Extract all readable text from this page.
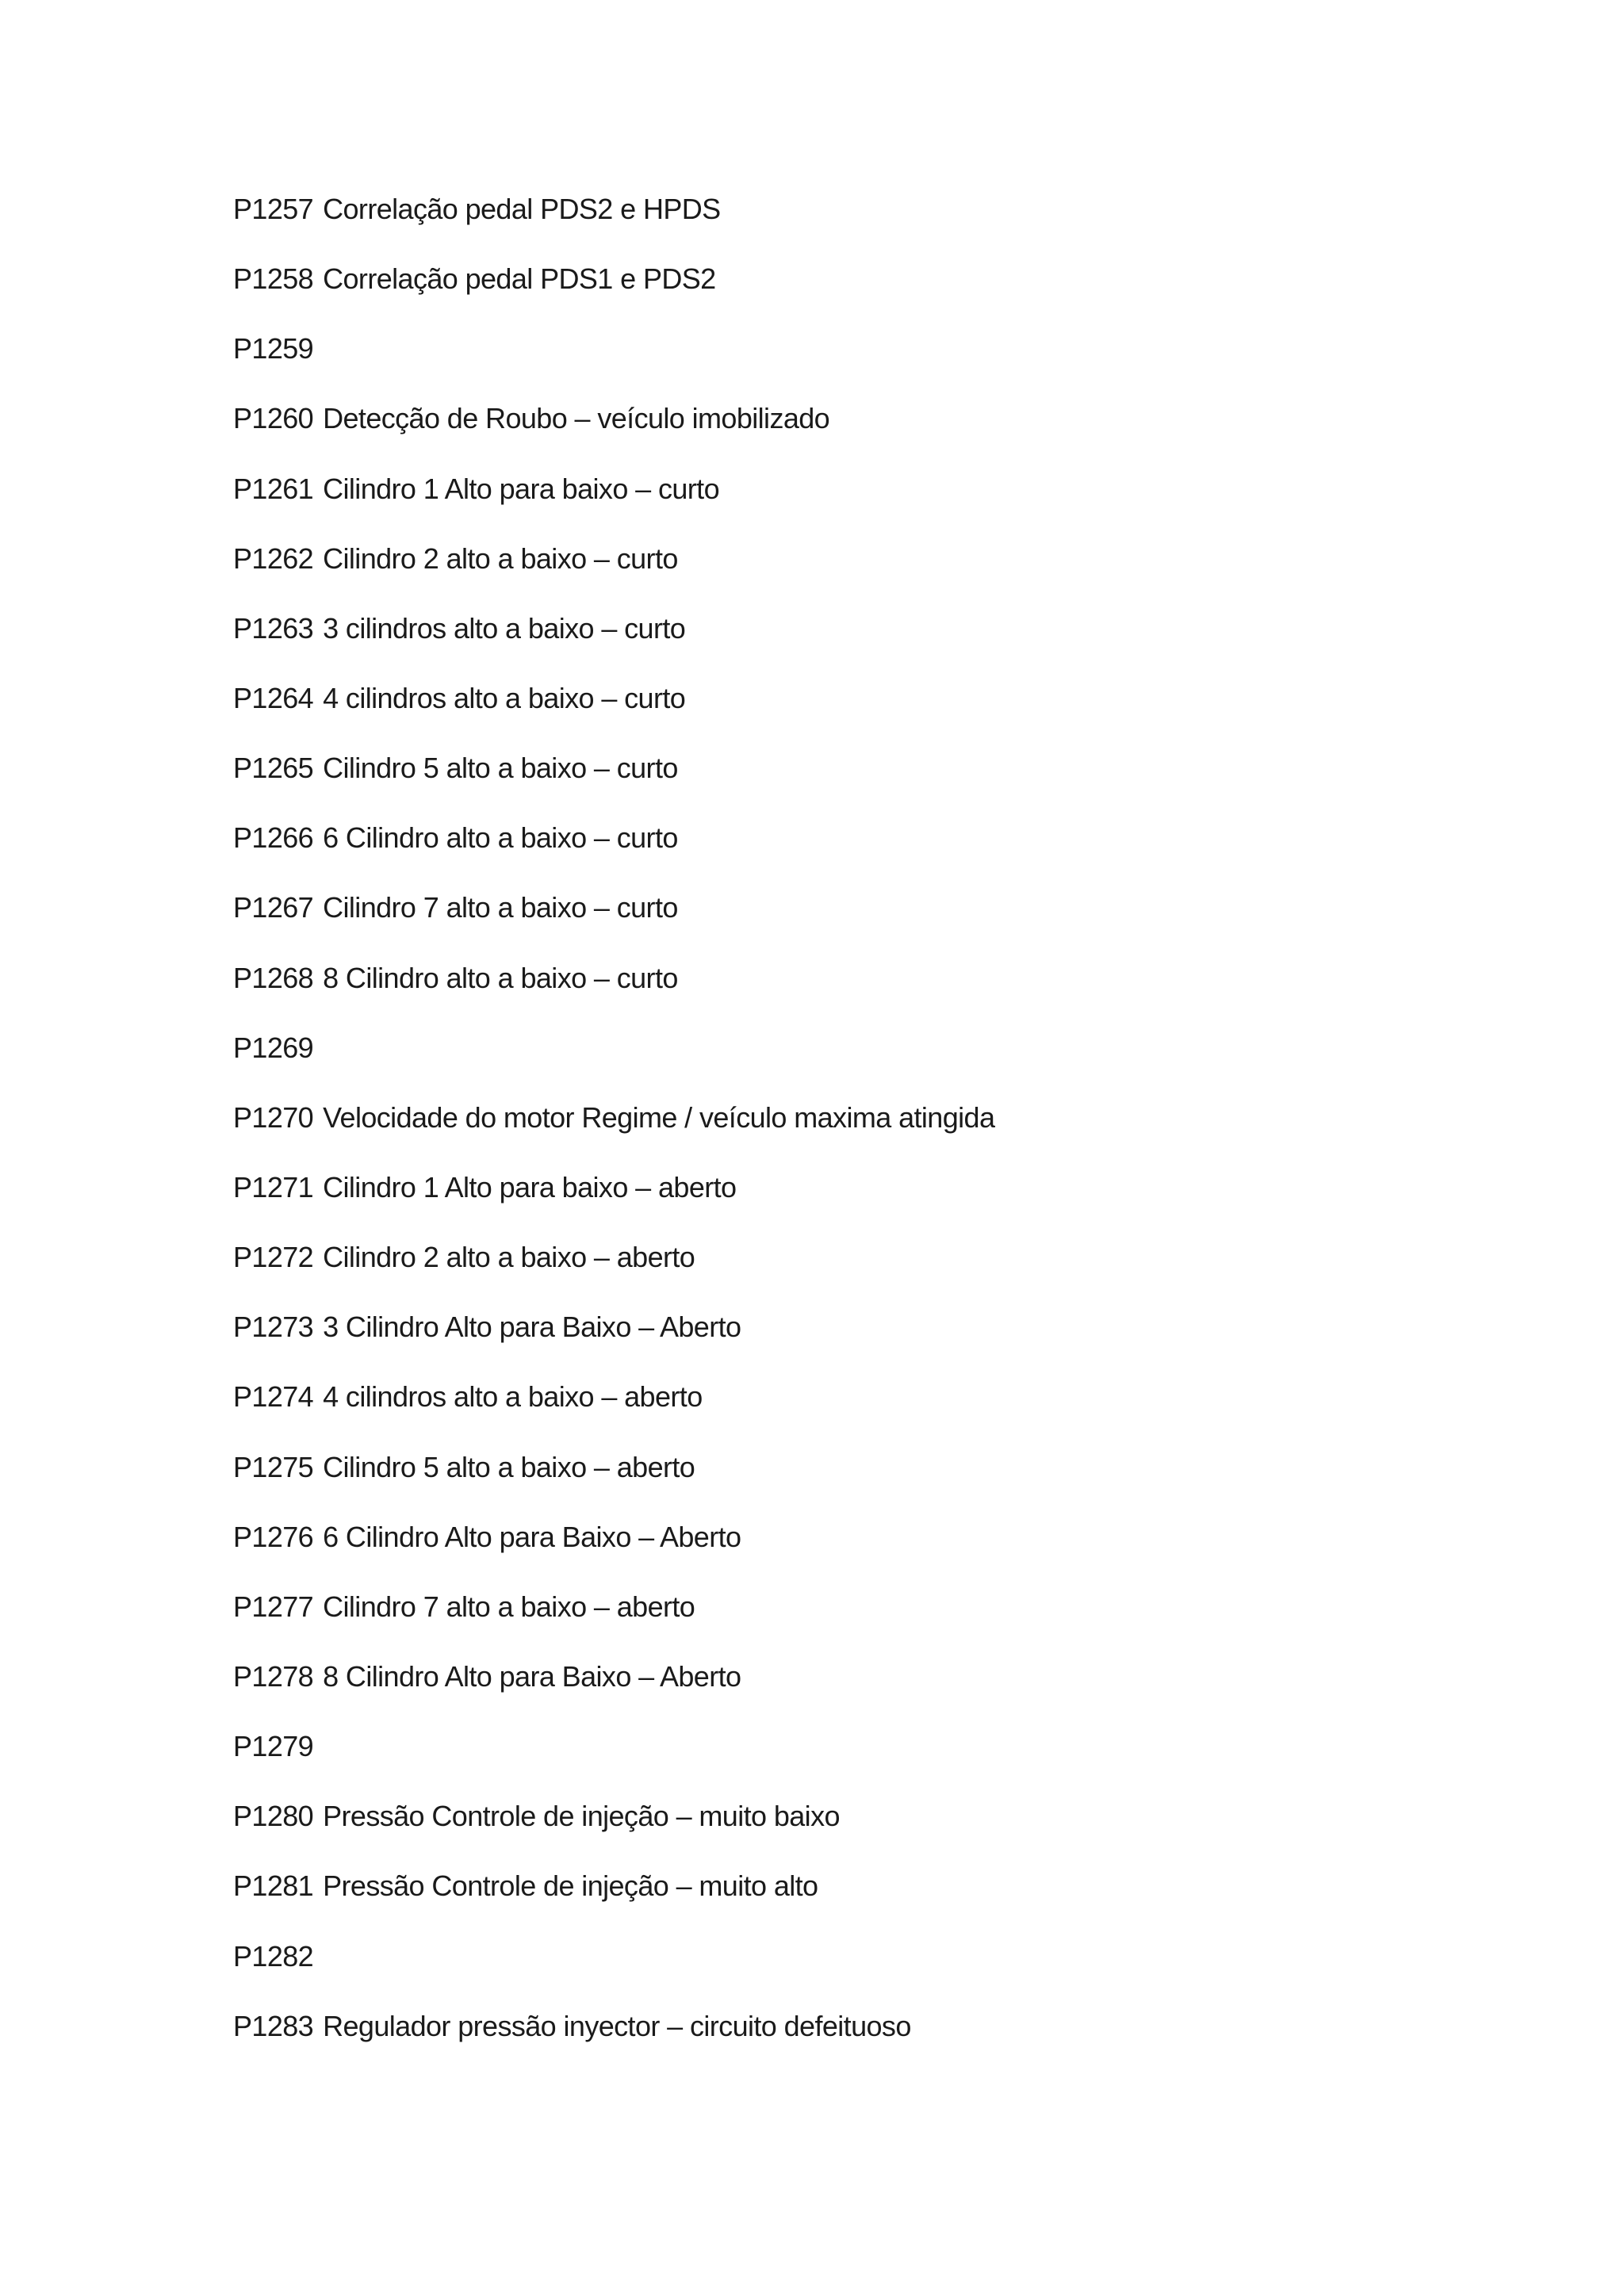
P1257 Correlação pedal PDS2 e HPDS
P1258 Correlação pedal PDS1 e PDS2
P1259
P1260 Detecção de Roubo – veículo imobilizado
P1261 Cilindro 1 Alto para baixo – curto
P1262 Cilindro 2 alto a baixo – curto
P1263 3 cilindros alto a baixo – curto
P1264 4 cilindros alto a baixo – curto
P1265 Cilindro 5 alto a baixo – curto
P1266 6 Cilindro alto a baixo – curto
P1267 Cilindro 7 alto a baixo – curto
P1268 8 Cilindro alto a baixo – curto
P1269
P1270 Velocidade do motor Regime / veículo maxima atingida
P1271 Cilindro 1 Alto para baixo – aberto
P1272 Cilindro 2 alto a baixo – aberto
P1273 3 Cilindro Alto para Baixo – Aberto
P1274 4 cilindros alto a baixo – aberto
P1275 Cilindro 5 alto a baixo – aberto
P1276 6 Cilindro Alto para Baixo – Aberto
P1277 Cilindro 7 alto a baixo – aberto
P1278 8 Cilindro Alto para Baixo – Aberto
P1279
P1280 Pressão Controle de injeção – muito baixo
P1281 Pressão Controle de injeção – muito alto
P1282
P1283 Regulador pressão inyector – circuito defeituoso
